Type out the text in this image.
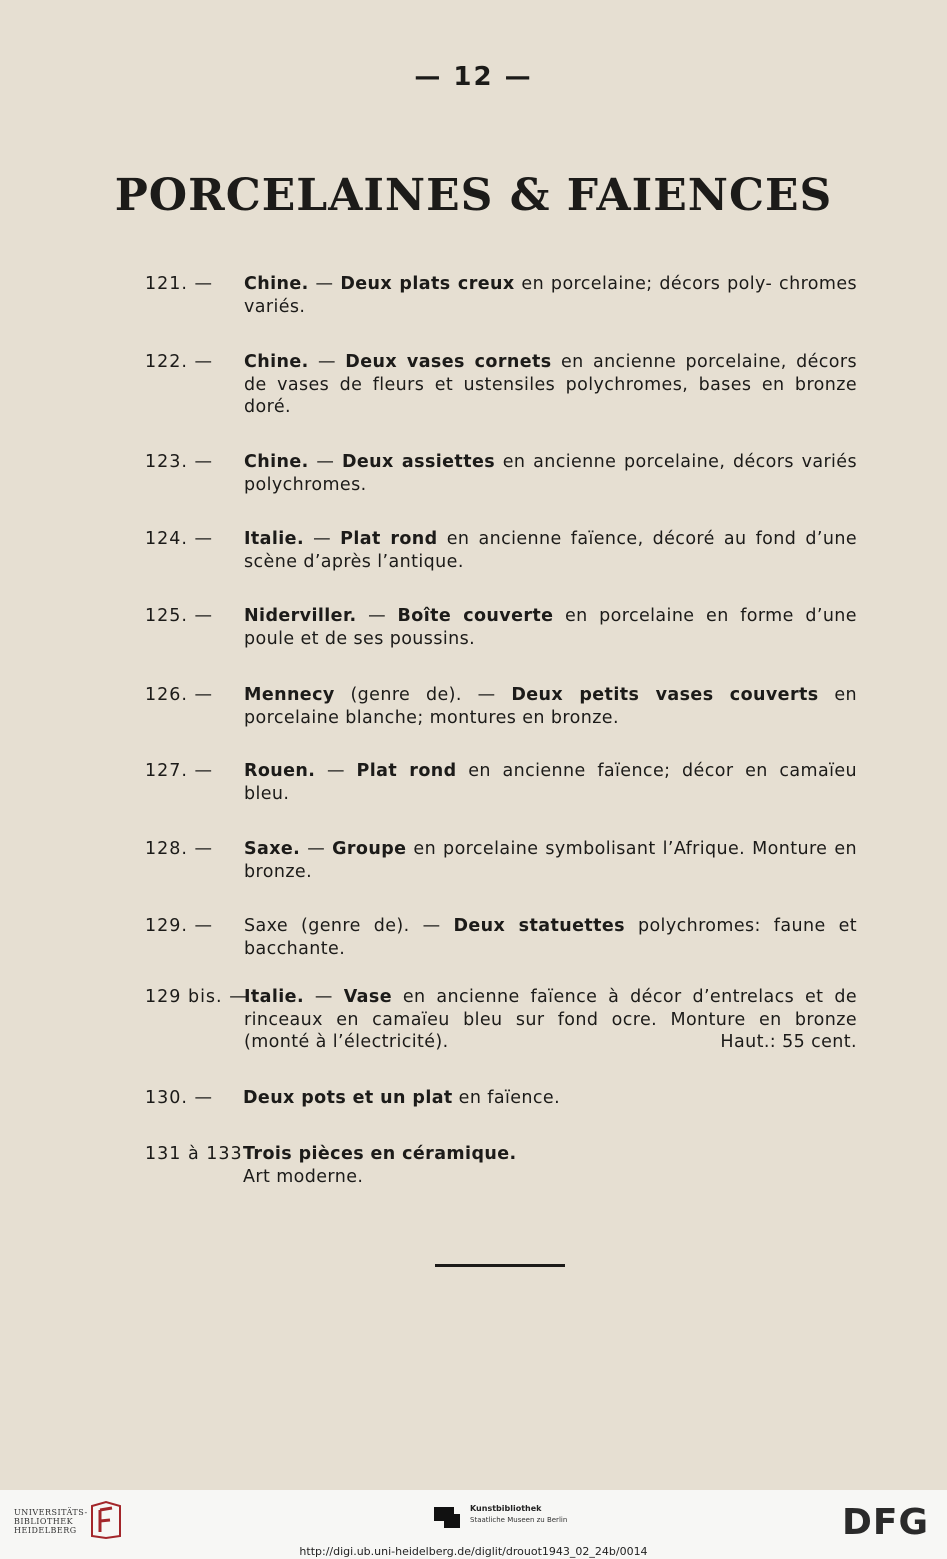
— 12 —
PORCELAINES & FAIENCES
121. — Chine. — Deux plats creux en porcelaine; décors poly- chromes variés.
122. — Chine. — Deux vases cornets en ancienne porcelaine, décors de vases de fleurs et ustensiles polychromes, bases en bronze doré.
123. — Chine. — Deux assiettes en ancienne porcelaine, décors variés polychromes.
124. — Italie. — Plat rond en ancienne faïence, décoré au fond d’une scène d’après l’antique.
125. — Niderviller. — Boîte couverte en porcelaine en forme d’une poule et de ses poussins.
126. — Mennecy (genre de). — Deux petits vases couverts en porcelaine blanche; montures en bronze.
127. — Rouen. — Plat rond en ancienne faïence; décor en camaïeu bleu.
128. — Saxe. — Groupe en porcelaine symbolisant l’Afrique. Monture en bronze.
129. — Saxe (genre de). — Deux statuettes polychromes: faune et bacchante.
129 bis. —
Italie. — Vase en ancienne faïence à décor d’entrelacs et de rinceaux en camaïeu bleu sur fond ocre. Monture en bronze (monté à l’électricité).	Haut.: 55 cent.
130. — Deux pots et un plat en faïence.
131 à 133 Trois pièces en céramique.
Art moderne.
UNIVERSITÄTS- BIBLIOTHEK HEIDELBERG
Kunstbibliothek
Staatliche Museen zu Berlin	DFG
http://digi.ub.uni-heidelberg.de/diglit/drouot1943_02_24b/0014
